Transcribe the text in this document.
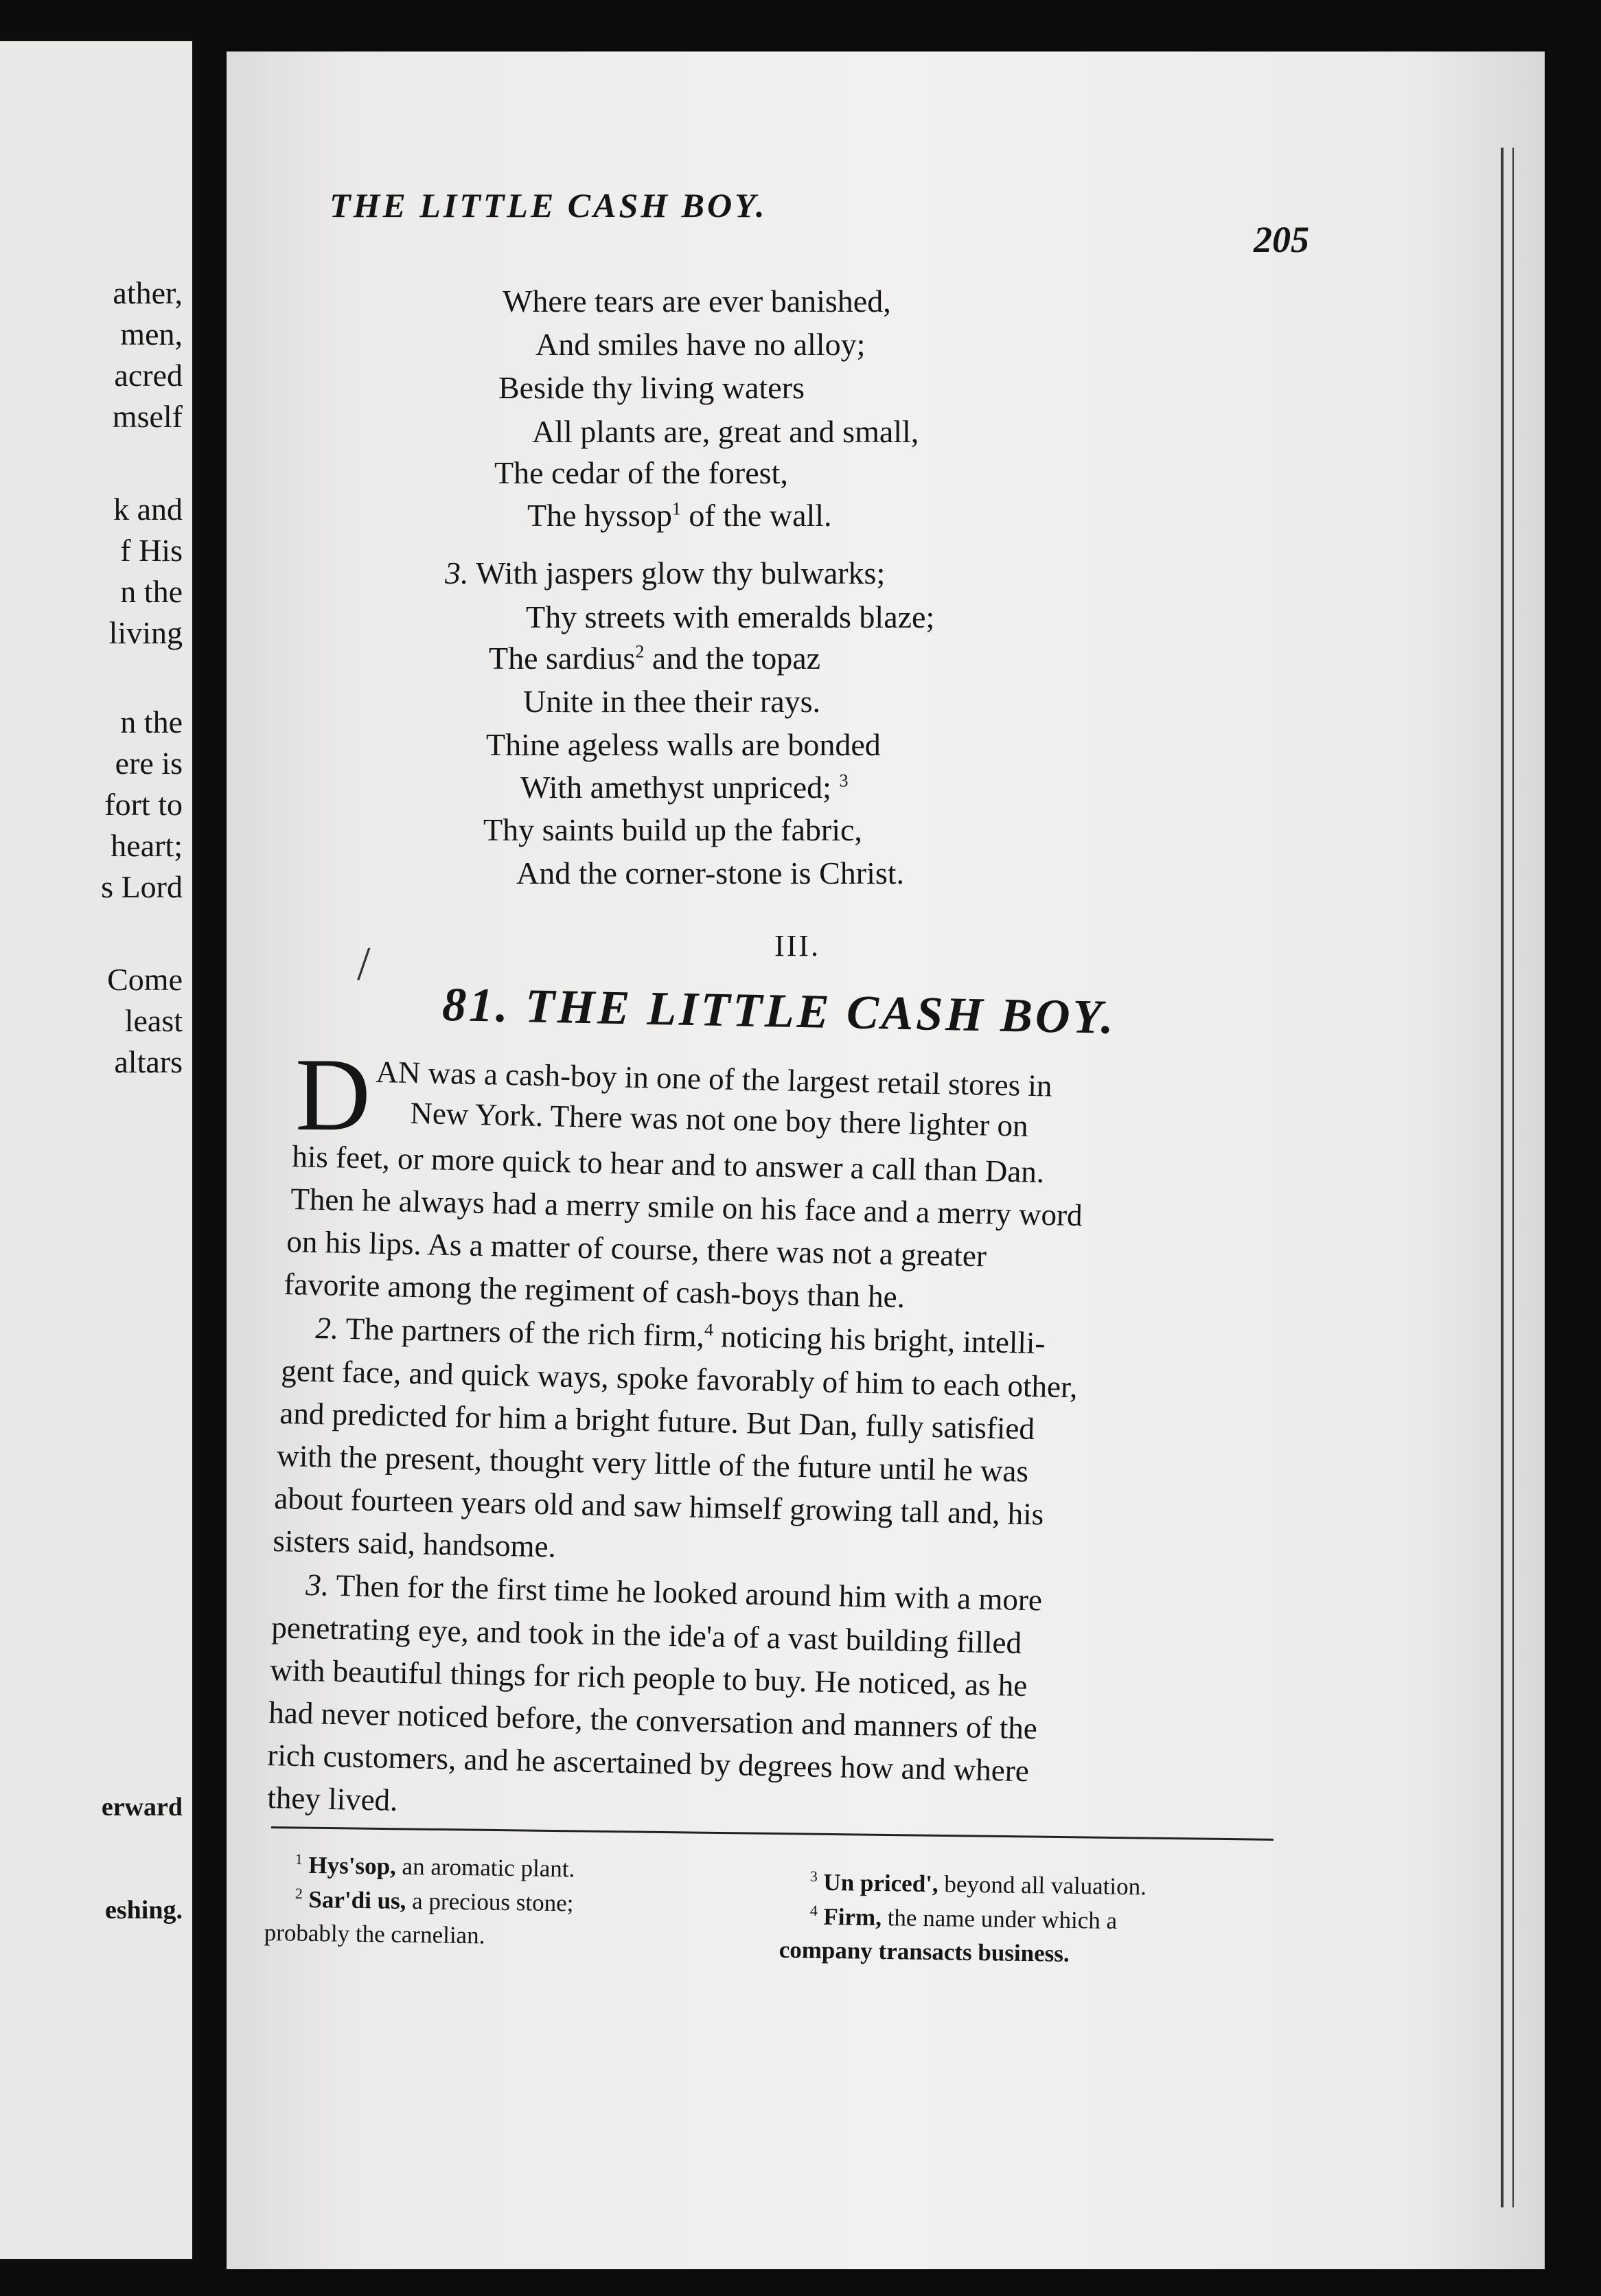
ather,
men,
acred
mself
k and
f His
n the
living
n the
ere is
fort to
heart;
s Lord
Come
least
altars
erward
eshing.
THE LITTLE CASH BOY.
205
Where tears are ever banished,
And smiles have no alloy;
Beside thy living waters
All plants are, great and small,
The cedar of the forest,
The hyssop$^1$ of the wall.
3. With jaspers glow thy bulwarks;
Thy streets with emeralds blaze;
The sardius$^2$ and the topaz
Unite in thee their rays.
Thine ageless walls are bonded
With amethyst unpriced; $^3$
Thy saints build up the fabric,
And the corner-stone is Christ.
III.
/
81. THE LITTLE CASH BOY.
D AN was a cash-boy in one of the largest retail stores in
New York. There was not one boy there lighter on
his feet, or more quick to hear and to answer a call than Dan.
Then he always had a merry smile on his face and a merry word
on his lips. As a matter of course, there was not a greater
favorite among the regiment of cash-boys than he.
2. The partners of the rich firm,$^4$ noticing his bright, intelli-
gent face, and quick ways, spoke favorably of him to each other,
and predicted for him a bright future. But Dan, fully satisfied
with the present, thought very little of the future until he was
about fourteen years old and saw himself growing tall and, his
sisters said, handsome.
3. Then for the first time he looked around him with a more
penetrating eye, and took in the ide'a of a vast building filled
with beautiful things for rich people to buy. He noticed, as he
had never noticed before, the conversation and manners of the
rich customers, and he ascertained by degrees how and where
they lived.
$^1$ Hys'sop, an aromatic plant.
$^2$ Sar'di us, a precious stone;
probably the carnelian.
$^3$ Un priced', beyond all valuation.
$^4$ Firm, the name under which a
company transacts business.
